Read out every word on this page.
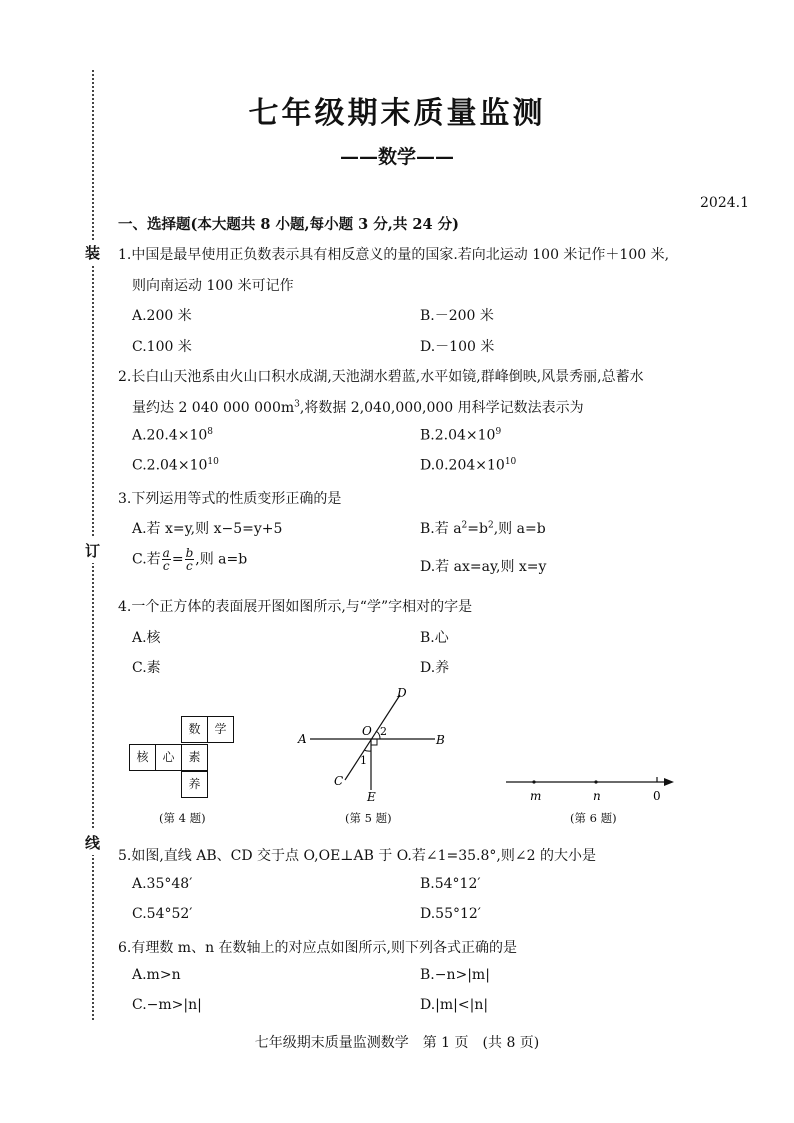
装
订
线
七年级期末质量监测
——数学——
2024.1
一、选择题(本大题共 8 小题,每小题 3 分,共 24 分)
1.中国是最早使用正负数表示具有相反意义的量的国家.若向北运动 100 米记作＋100 米,
则向南运动 100 米可记作
A.200 米	B.－200 米
C.100 米	D.－100 米
2.长白山天池系由火山口积水成湖,天池湖水碧蓝,水平如镜,群峰倒映,风景秀丽,总蓄水
量约达 2 040 000 $000m^3$,将数据 2,040,000,000 用科学记数法表示为
$A.20.4\times 10^8$	$B.2.04\times 10^9$
$C.2.04\times 10^{10}$	$D.0.204\times 10^{10}$
3.下列运用等式的性质变形正确的是
A.若 x=y,则 x−5=y+5	B.若 $a^2=b^2$,则 a=b
C.若 $\frac{a}{c} = \frac{b}{c}$ ,则 a=b	D.若 ax=ay,则 x=y
4.一个正方体的表面展开图如图所示,与“学”字相对的字是
A.核	B.心
C.素	D.养
数	学
核	心	素
养
(第 4 题)
D
O 2
A	B
1
C
E
(第 5 题)
m	n	0
(第 6 题)
5.如图,直线 AB、CD 交于点 O,OE⊥AB 于 O.若∠1=35.8°,则∠2 的大小是
A.35°48′	B.54°12′
C.54°52′	D.55°12′
6.有理数 m、n 在数轴上的对应点如图所示,则下列各式正确的是
A.m>n	B.−n>|m|
C.−m>|n|	D.|m|<|n|
七年级期末质量监测数学　第 1 页　(共 8 页)
